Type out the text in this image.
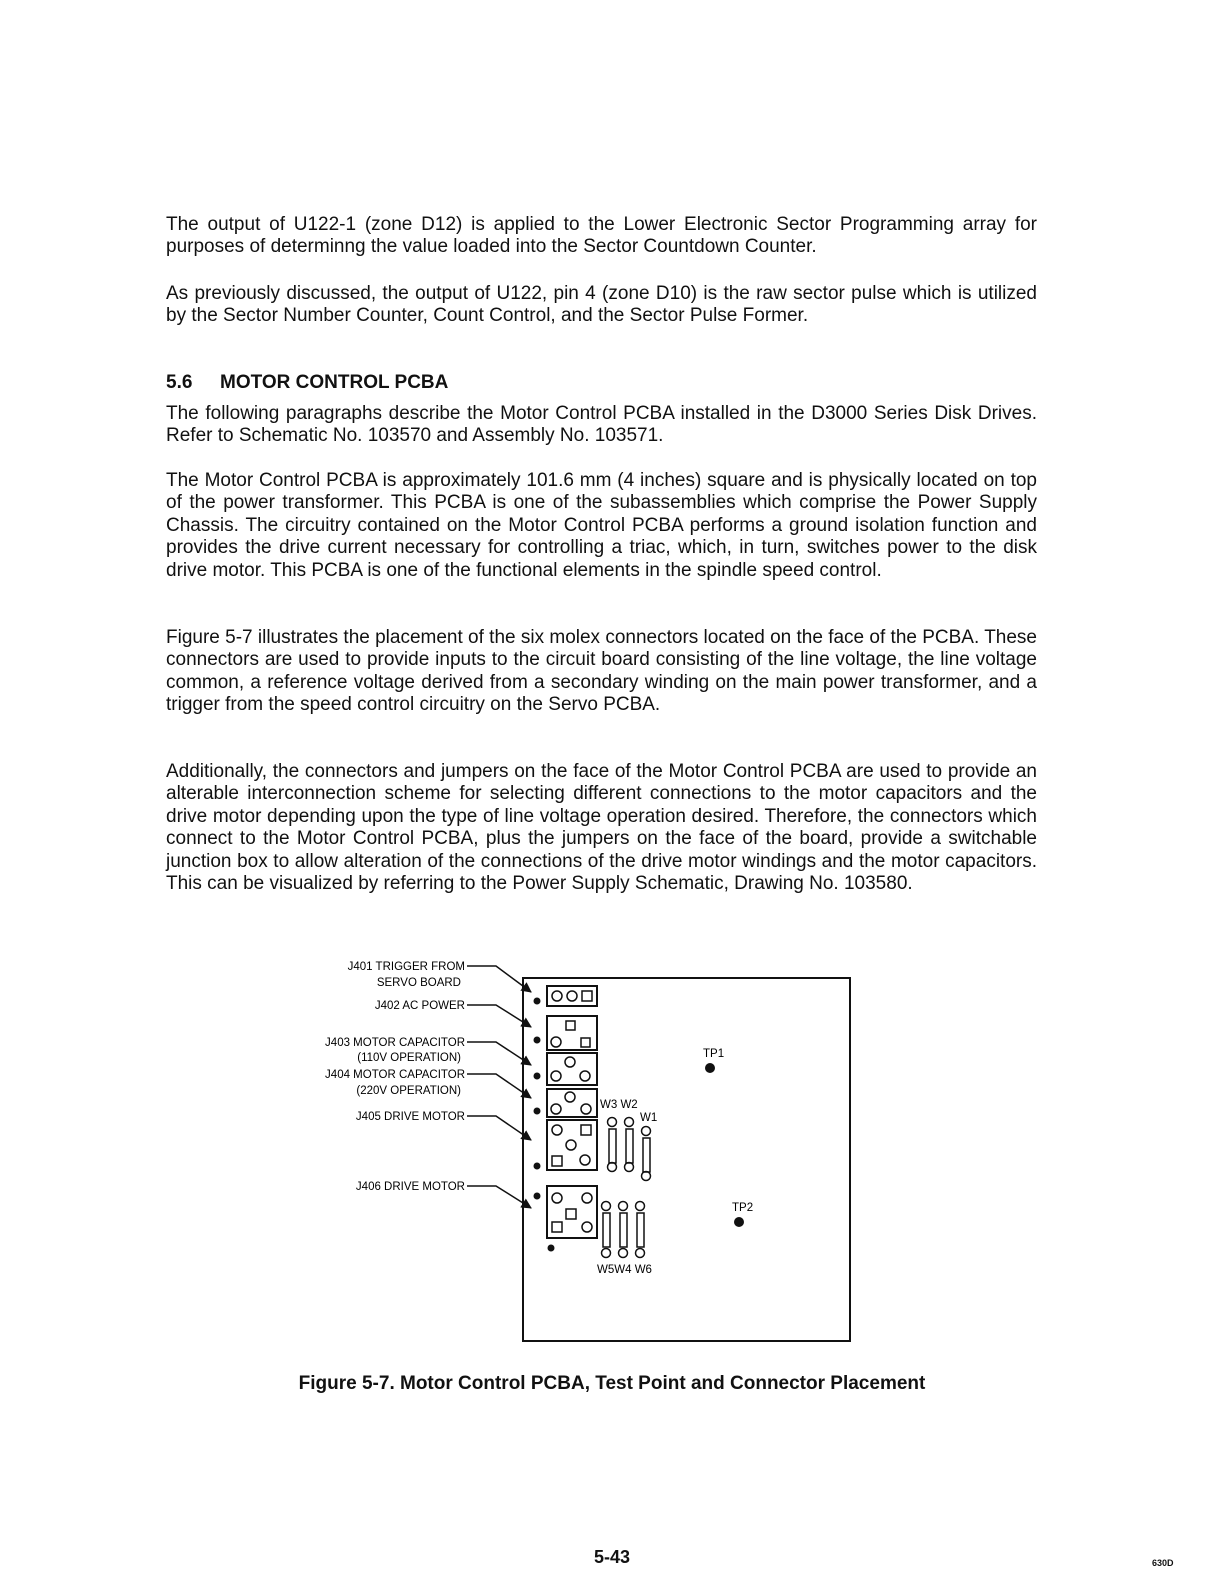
The output of U122-1 (zone D12) is applied to the Lower Electronic Sector Programming array for purposes of determinng the value loaded into the Sector Countdown Counter.

As previously discussed, the output of U122, pin 4 (zone D10) is the raw sector pulse which is utilized by the Sector Number Counter, Count Control, and the Sector Pulse Former.

5.6 MOTOR CONTROL PCBA

The following paragraphs describe the Motor Control PCBA installed in the D3000 Series Disk Drives. Refer to Schematic No. 103570 and Assembly No. 103571.

The Motor Control PCBA is approximately 101.6 mm (4 inches) square and is physically located on top of the power transformer. This PCBA is one of the subassemblies which comprise the Power Supply Chassis. The circuitry contained on the Motor Control PCBA performs a ground isolation function and provides the drive current necessary for controlling a triac, which, in turn, switches power to the disk drive motor. This PCBA is one of the functional elements in the spindle speed control.

Figure 5-7 illustrates the placement of the six molex connectors located on the face of the PCBA. These connectors are used to provide inputs to the circuit board consisting of the line voltage, the line voltage common, a reference voltage derived from a secondary winding on the main power transformer, and a trigger from the speed control circuitry on the Servo PCBA.

Additionally, the connectors and jumpers on the face of the Motor Control PCBA are used to provide an alterable interconnection scheme for selecting different connections to the motor capacitors and the drive motor depending upon the type of line voltage operation desired. Therefore, the connectors which connect to the Motor Control PCBA, plus the jumpers on the face of the board, provide a switchable junction box to allow alteration of the connections of the drive motor windings and the motor capacitors. This can be visualized by referring to the Power Supply Schematic, Drawing No. 103580.

J401 TRIGGER FROM
SERVO BOARD
J402 AC POWER
J403 MOTOR CAPACITOR
(110V OPERATION)
J404 MOTOR CAPACITOR
(220V OPERATION)
J405 DRIVE MOTOR
J406 DRIVE MOTOR
W3 W2
W1
W5W4 W6
TP1
TP2

Figure 5-7. Motor Control PCBA, Test Point and Connector Placement

5-43	630D
